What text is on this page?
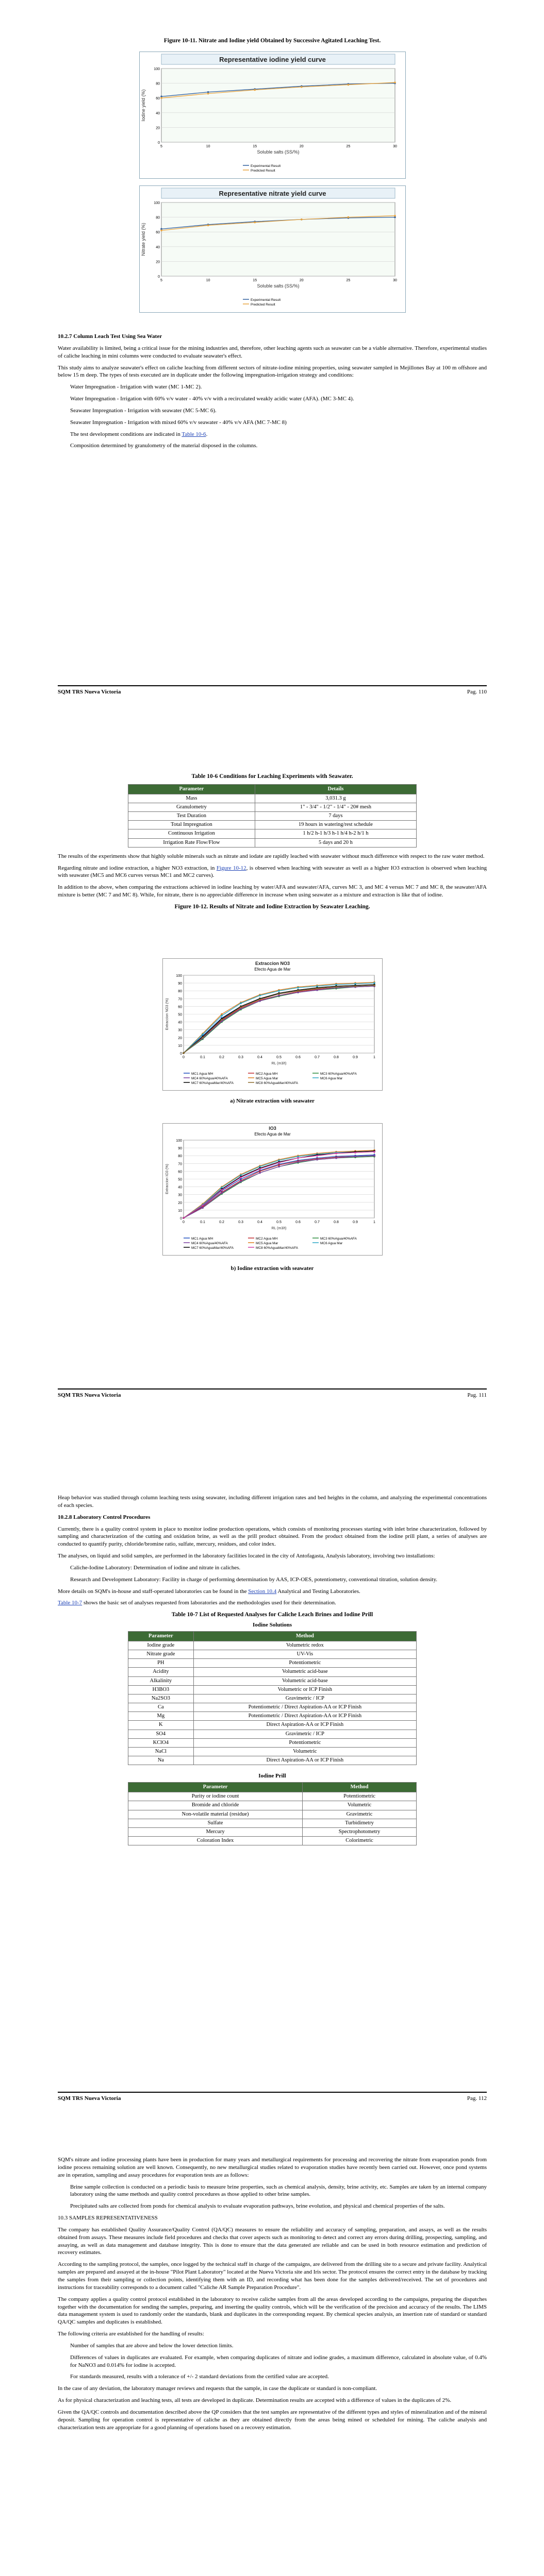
Figure 10-11. Nitrate and Iodine yield Obtained by Successive Agitated Leaching Test.
Representative iodine yield curve
0
20
40
60
80
100
5	10	15	20	25	30
Soluble salts (SS/%)
Iodine yield (%)
Experimental Result
Predicted Result
Representative nitrate yield curve
0
20
40
60
80
100
5	10	15	20	25	30
Soluble salts (SS/%)
Nitrate yield (%)
Experimental Result
Predicted Result
10.2.7 Column Leach Test Using Sea Water

Water availability is limited, being a critical issue for the mining industries and, therefore, other leaching agents such as seawater can be a viable alternative. Therefore, experimental studies of caliche leaching in mini columns were conducted to evaluate seawater's effect.

This study aims to analyze seawater's effect on caliche leaching from different sectors of nitrate-iodine mining properties, using seawater sampled in Mejillones Bay at 100 m offshore and below 15 m deep. The types of tests executed are in duplicate under the following impregnation-irrigation strategy and conditions:

Water Impregnation - Irrigation with water (MC 1-MC 2).

Water Impregnation - Irrigation with 60% v/v water - 40% v/v with a recirculated weakly acidic water (AFA). (MC 3-MC 4).

Seawater Impregnation - Irrigation with seawater (MC 5-MC 6).

Seawater Impregnation - Irrigation with mixed 60% v/v seawater - 40% v/v AFA (MC 7-MC 8)

The test development conditions are indicated in Table 10-6.

Composition determined by granulometry of the material disposed in the columns.

SQM TRS Nueva Victoria	Pag. 110
Table 10-6 Conditions for Leaching Experiments with Seawater.
Parameter	Details
Mass	3,031.3 g
Granulometry	1" - 3/4" - 1/2" - 1/4" - 20# mesh
Test Duration	7 days
Total Impregnation	19 hours in watering/rest schedule
Continuous Irrigation	1 h/2 h-1 h/3 h-1 h/4 h-2 h/1 h
Irrigation Rate Flow/Flow	5 days and 20 h

The results of the experiments show that highly soluble minerals such as nitrate and iodate are rapidly leached with seawater without much difference with respect to the raw water method.

Regarding nitrate and iodine extraction, a higher NO3 extraction, in Figure 10-12, is observed when leaching with seawater as well as a higher IO3 extraction is observed when leaching with seawater (MC5 and MC6 curves versus MC1 and MC2 curves).

In addition to the above, when comparing the extractions achieved in iodine leaching by water/AFA and seawater/AFA, curves MC 3, and MC 4 versus MC 7 and MC 8, the seawater/AFA mixture is better (MC 7 and MC 8). While, for nitrate, there is no appreciable difference in increase when using seawater as a mixture and extraction is like that of iodine.

Figure 10-12. Results of Nitrate and Iodine Extraction by Seawater Leaching.
Extraccion NO3
Efecto Agua de Mar
0
10
20
30
40
50
60
70
80
90
100
0	0.1	0.2	0.3	0.4	0.5	0.6	0.7	0.8	0.9	1
RL (m3/t)
Extraccion NO3 (%)
MC1 Agua MH	MC2 Agua MH	MC3 60%Agua/40%AFA
MC4 60%Agua/40%AFA	MC5 Agua Mar	MC6 Agua Mar
MC7 60%AguaMar/40%AFA	MC8 60%AguaMar/40%AFA
a) Nitrate extraction with seawater
IO3
Efecto Agua de Mar
0
10
20
30
40
50
60
70
80
90
100
0	0.1	0.2	0.3	0.4	0.5	0.6	0.7	0.8	0.9	1
RL (m3/t)
Extraccion IO3 (%)
MC1 Agua MH	MC2 Agua MH	MC3 60%Agua/40%AFA
MC4 60%Agua/40%AFA	MC5 Agua Mar	MC6 Agua Mar
MC7 60%AguaMar/40%AFA	MC8 60%AguaMar/40%AFA
b) Iodine extraction with seawater
SQM TRS Nueva Victoria	Pag. 111

Heap behavior was studied through column leaching tests using seawater, including different irrigation rates and bed heights in the column, and analyzing the experimental concentrations of each species.

10.2.8 Laboratory Control Procedures

Currently, there is a quality control system in place to monitor iodine production operations, which consists of monitoring processes starting with inlet brine characterization, followed by sampling and characterization of the cutting and oxidation brine, as well as the prill product obtained. From the product obtained from the iodine prill plant, a series of analyses are conducted to quantify purity, chloride/bromine ratio, sulfate, mercury, residues, and color index.

The analyses, on liquid and solid samples, are performed in the laboratory facilities located in the city of Antofagasta, Analysis laboratory, involving two installations:

Caliche-Iodine Laboratory: Determination of iodine and nitrate in caliches.

Research and Development Laboratory: Facility in charge of performing determination by AAS, ICP-OES, potentiometry, conventional titration, solution density.

More details on SQM's in-house and staff-operated laboratories can be found in the Section 10.4 Analytical and Testing Laboratories.

Table 10-7 shows the basic set of analyses requested from laboratories and the methodologies used for their determination.

Table 10-7 List of Requested Analyses for Caliche Leach Brines and Iodine Prill
Iodine Solutions
Parameter	Method
Iodine grade	Volumetric redox
Nitrate grade	UV-Vis
PH	Potentiometric
Acidity	Volumetric acid-base
Alkalinity	Volumetric acid-base
H3BO3	Volumetric or ICP Finish
Na2SO3	Gravimetric / ICP
Ca	Potentiometric / Direct Aspiration-AA or ICP Finish
Mg	Potentiometric / Direct Aspiration-AA or ICP Finish
K	Direct Aspiration-AA or ICP Finish
SO4	Gravimetric / ICP
KClO4	Potentiometric
NaCl	Volumetric
Na	Direct Aspiration-AA or ICP Finish
Iodine Prill
Parameter	Method
Purity or iodine count	Potentiometric
Bromide and chloride	Volumetric
Non-volatile material (residue)	Gravimetric
Sulfate	Turbidimetry
Mercury	Spectrophotometry
Coloration Index	Colorimetric
SQM TRS Nueva Victoria	Pag. 112

SQM's nitrate and iodine processing plants have been in production for many years and metallurgical requirements for processing and recovering the nitrate from evaporation ponds from iodine process remaining solution are well known. Consequently, no new metallurgical studies related to evaporation studies have recently been carried out. However, once pond systems are in operation, sampling and assay procedures for evaporation tests are as follows:

Brine sample collection is conducted on a periodic basis to measure brine properties, such as chemical analysis, density, brine activity, etc. Samples are taken by an internal company laboratory using the same methods and quality control procedures as those applied to other brine samples.

Precipitated salts are collected from ponds for chemical analysis to evaluate evaporation pathways, brine evolution, and physical and chemical properties of the salts.

10.3 SAMPLES REPRESENTATIVENESS

The company has established Quality Assurance/Quality Control (QA/QC) measures to ensure the reliability and accuracy of sampling, preparation, and assays, as well as the results obtained from assays. These measures include field procedures and checks that cover aspects such as monitoring to detect and correct any errors during drilling, prospecting, sampling, and assaying, as well as data management and database integrity. This is done to ensure that the data generated are reliable and can be used in both resource estimation and prediction of recovery estimates.

According to the sampling protocol, the samples, once logged by the technical staff in charge of the campaigns, are delivered from the drilling site to a secure and private facility. Analytical samples are prepared and assayed at the in-house "Pilot Plant Laboratory" located at the Nueva Victoria site and Iris sector. The protocol ensures the correct entry in the database by tracking the samples from their sampling or collection points, identifying them with an ID, and recording what has been done for the samples delivered/received. The set of procedures and instructions for traceability corresponds to a document called "Caliche AR Sample Preparation Procedure".

The company applies a quality control protocol established in the laboratory to receive caliche samples from all the areas developed according to the campaigns, preparing the dispatches together with the documentation for sending the samples, preparing, and inserting the quality controls, which will be the verification of the precision and accuracy of the results. The LIMS data management system is used to randomly order the standards, blank and duplicates in the corresponding request. By chemical species analysis, an insertion rate of standard or standard QA/QC samples and duplicates is established.

The following criteria are established for the handling of results:

Number of samples that are above and below the lower detection limits.

Differences of values in duplicates are evaluated. For example, when comparing duplicates of nitrate and iodine grades, a maximum difference, calculated in absolute value, of 0.4% for NaNO3 and 0.014% for iodine is accepted.

For standards measured, results with a tolerance of +/- 2 standard deviations from the certified value are accepted.

In the case of any deviation, the laboratory manager reviews and requests that the sample, in case the duplicate or standard is non-compliant.

As for physical characterization and leaching tests, all tests are developed in duplicate. Determination results are accepted with a difference of values in the duplicates of 2%.

Given the QA/QC controls and documentation described above the QP considers that the test samples are representative of the different types and styles of mineralization and of the mineral deposit. Sampling for operation control is representative of caliche as they are obtained directly from the areas being mined or scheduled for mining. The caliche analysis and characterization tests are appropriate for a good planning of operations based on a recovery estimation.
